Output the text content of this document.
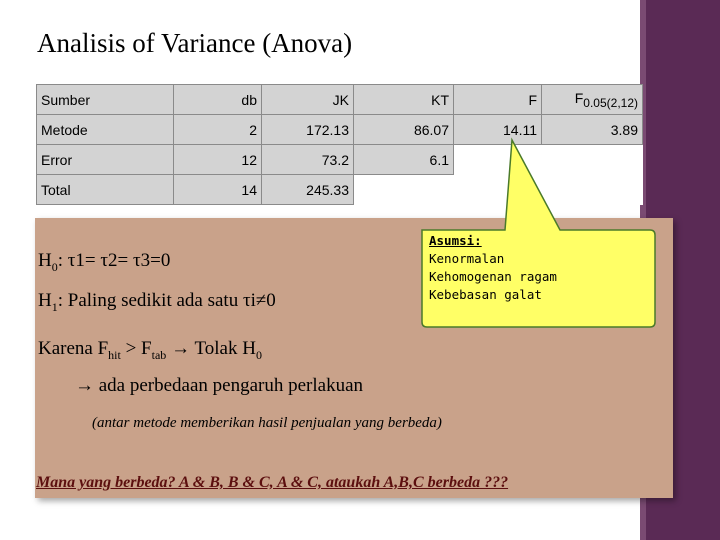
Analisis of Variance (Anova)
Sumber	db	JK	KT	F	$F_{0.05(2,12)}$
Metode	2	172.13	86.07	14.11	3.89
Error	12	73.2	6.1		
Total	14	245.33			
Asumsi:
Kenormalan
Kehomogenan ragam
Kebebasan galat
$H_0$: τ1= τ2= τ3=0
$H_1$: Paling sedikit ada satu τi≠0
Karena $F_{hit} > F_{tab}$ → Tolak $H_0$
→ ada perbedaan pengaruh perlakuan
(antar metode memberikan hasil penjualan yang berbeda)
Mana yang berbeda? A & B, B & C, A & C, ataukah A,B,C berbeda ???
